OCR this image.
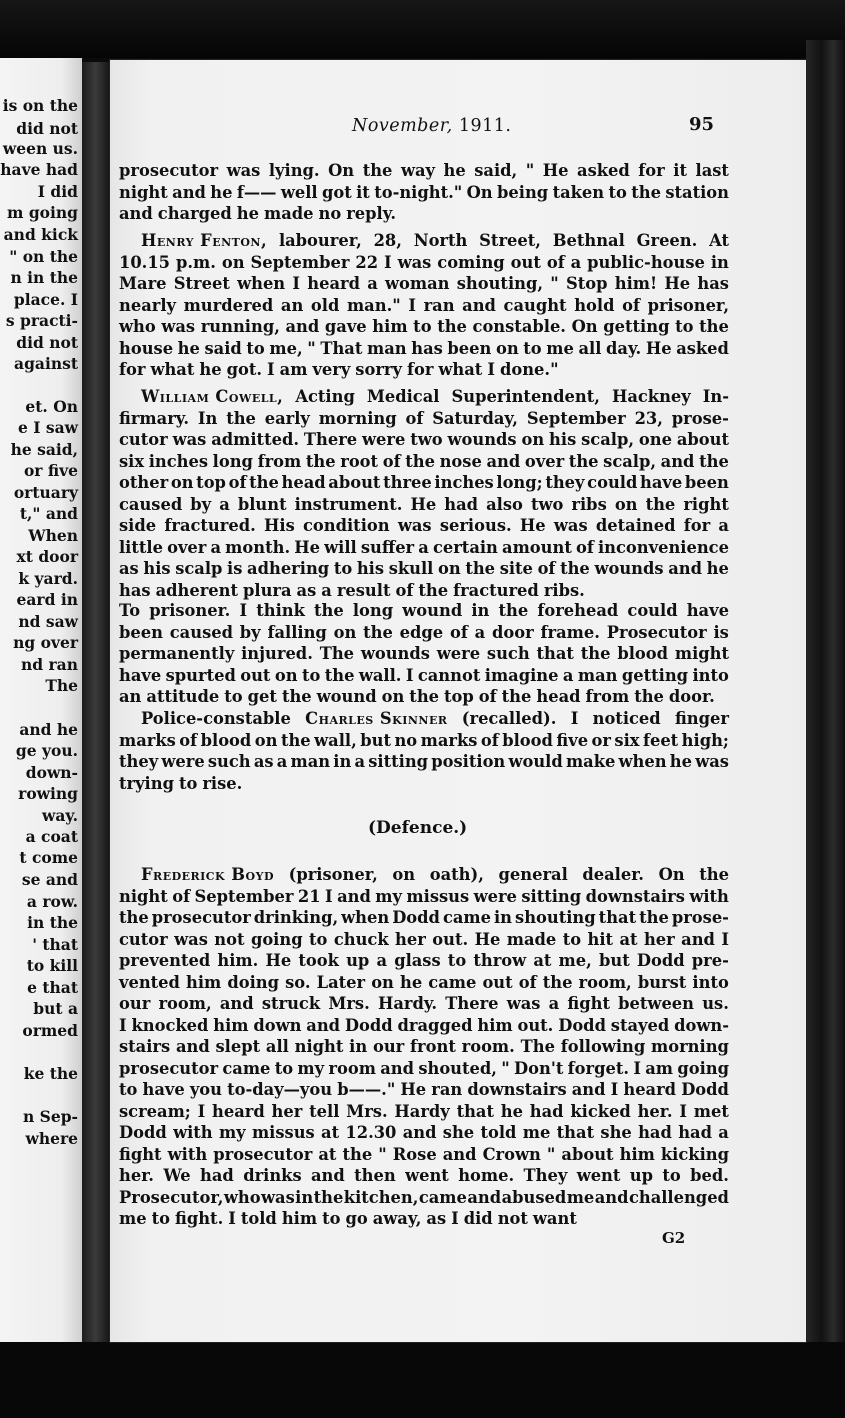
is on the
did not
ween us.
have had
I did
m going
and kick
" on the
n in the
place. I
s practi-
did not
against
et. On
e I saw
he said,
or five
ortuary
t," and
When
xt door
k yard.
eard in
nd saw
ng over
nd ran
The
and he
ge you.
down-
rowing
way.
a coat
t come
se and
a row.
in the
' that
to kill
e that
but a
ormed
ke the
n Sep-
where
November, 1911.	95
prosecutor was lying. On the way he said, " He asked for it last
night and he f—— well got it to-night." On being taken to the station
and charged he made no reply.
Henry Fenton, labourer, 28, North Street, Bethnal Green. At
10.15 p.m. on September 22 I was coming out of a public-house in
Mare Street when I heard a woman shouting, " Stop him! He has
nearly murdered an old man." I ran and caught hold of prisoner,
who was running, and gave him to the constable. On getting to the
house he said to me, " That man has been on to me all day. He asked
for what he got. I am very sorry for what I done."
William Cowell, Acting Medical Superintendent, Hackney In-
firmary. In the early morning of Saturday, September 23, prose-
cutor was admitted. There were two wounds on his scalp, one about
six inches long from the root of the nose and over the scalp, and the
other on top of the head about three inches long; they could have been
caused by a blunt instrument. He had also two ribs on the right
side fractured. His condition was serious. He was detained for a
little over a month. He will suffer a certain amount of inconvenience
as his scalp is adhering to his skull on the site of the wounds and he
has adherent plura as a result of the fractured ribs.
To prisoner. I think the long wound in the forehead could have
been caused by falling on the edge of a door frame. Prosecutor is
permanently injured. The wounds were such that the blood might
have spurted out on to the wall. I cannot imagine a man getting into
an attitude to get the wound on the top of the head from the door.
Police-constable Charles Skinner (recalled). I noticed finger
marks of blood on the wall, but no marks of blood five or six feet high;
they were such as a man in a sitting position would make when he was
trying to rise.
Frederick Boyd (prisoner, on oath), general dealer. On the
night of September 21 I and my missus were sitting downstairs with
the prosecutor drinking, when Dodd came in shouting that the prose-
cutor was not going to chuck her out. He made to hit at her and I
prevented him. He took up a glass to throw at me, but Dodd pre-
vented him doing so. Later on he came out of the room, burst into
our room, and struck Mrs. Hardy. There was a fight between us.
I knocked him down and Dodd dragged him out. Dodd stayed down-
stairs and slept all night in our front room. The following morning
prosecutor came to my room and shouted, " Don't forget. I am going
to have you to-day—you b——." He ran downstairs and I heard Dodd
scream; I heard her tell Mrs. Hardy that he had kicked her. I met
Dodd with my missus at 12.30 and she told me that she had had a
fight with prosecutor at the " Rose and Crown " about him kicking
her. We had drinks and then went home. They went up to bed.
Prosecutor, who was in the kitchen, came and abused me and challenged
me to fight. I told him to go away, as I did not want
(Defence.)
G2
